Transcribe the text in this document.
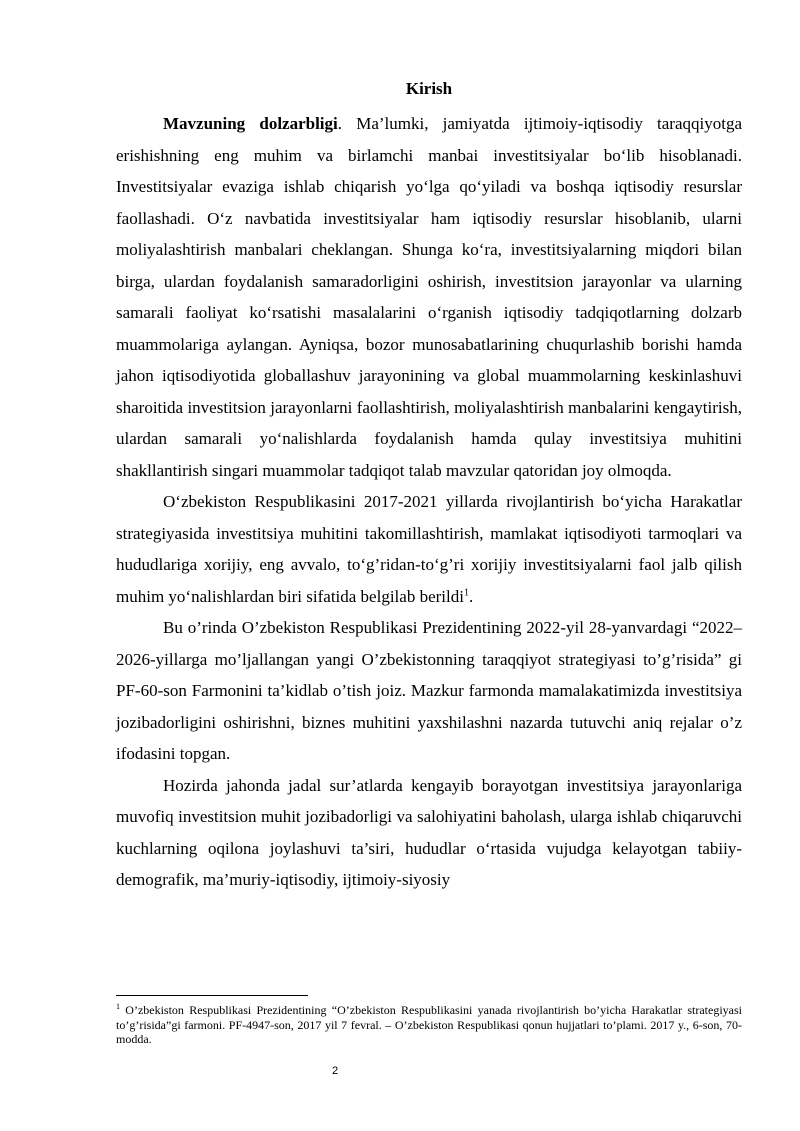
Kirish

Mavzuning dolzarbligi. Ma’lumki, jamiyatda ijtimoiy-iqtisodiy taraqqiyotga erishishning eng muhim va birlamchi manbai investitsiyalar bo‘lib hisoblanadi. Investitsiyalar evaziga ishlab chiqarish yo‘lga qo‘yiladi va boshqa iqtisodiy resurslar faollashadi. O‘z navbatida investitsiyalar ham iqtisodiy resurslar hisoblanib, ularni moliyalashtirish manbalari cheklangan. Shunga ko‘ra, investitsiyalarning miqdori bilan birga, ulardan foydalanish samaradorligini oshirish, investitsion jarayonlar va ularning samarali faoliyat ko‘rsatishi masalalarini o‘rganish iqtisodiy tadqiqotlarning dolzarb muammolariga aylangan. Ayniqsa, bozor munosabatlarining chuqurlashib borishi hamda jahon iqtisodiyotida globallashuv jarayonining va global muammolarning keskinlashuvi sharoitida investitsion jarayonlarni faollashtirish, moliyalashtirish manbalarini kengaytirish, ulardan samarali yo‘nalishlarda foydalanish hamda qulay investitsiya muhitini shakllantirish singari muammolar tadqiqot talab mavzular qatoridan joy olmoqda.

O‘zbekiston Respublikasini 2017-2021 yillarda rivojlantirish bo‘yicha Harakatlar strategiyasida investitsiya muhitini takomillashtirish, mamlakat iqtisodiyoti tarmoqlari va hududlariga xorijiy, eng avvalo, to‘g’ridan-to‘g’ri xorijiy investitsiyalarni faol jalb qilish muhim yo‘nalishlardan biri sifatida belgilab berildi$^1$.

Bu o’rinda O’zbekiston Respublikasi Prezidentining 2022-yil 28-yanvardagi “2022–2026-yillarga mo’ljallangan yangi O’zbekistonning taraqqiyot strategiyasi to’g’risida” gi PF-60-son Farmonini ta’kidlab o’tish joiz. Mazkur farmonda mamalakatimizda investitsiya jozibadorligini oshirishni, biznes muhitini yaxshilashni nazarda tutuvchi aniq rejalar o’z ifodasini topgan.

Hozirda jahonda jadal sur’atlarda kengayib borayotgan investitsiya jarayonlariga muvofiq investitsion muhit jozibadorligi va salohiyatini baholash, ularga ishlab chiqaruvchi kuchlarning oqilona joylashuvi ta’siri, hududlar o‘rtasida vujudga kelayotgan tabiiy-demografik, ma’muriy-iqtisodiy, ijtimoiy-siyosiy

$^1$ O’zbekiston Respublikasi Prezidentining “O’zbekiston Respublikasini yanada rivojlantirish bo’yicha Harakatlar strategiyasi to’g’risida”gi farmoni. PF-4947-son, 2017 yil 7 fevral. – O’zbekiston Respublikasi qonun hujjatlari to’plami. 2017 y., 6-son, 70-modda.
2
